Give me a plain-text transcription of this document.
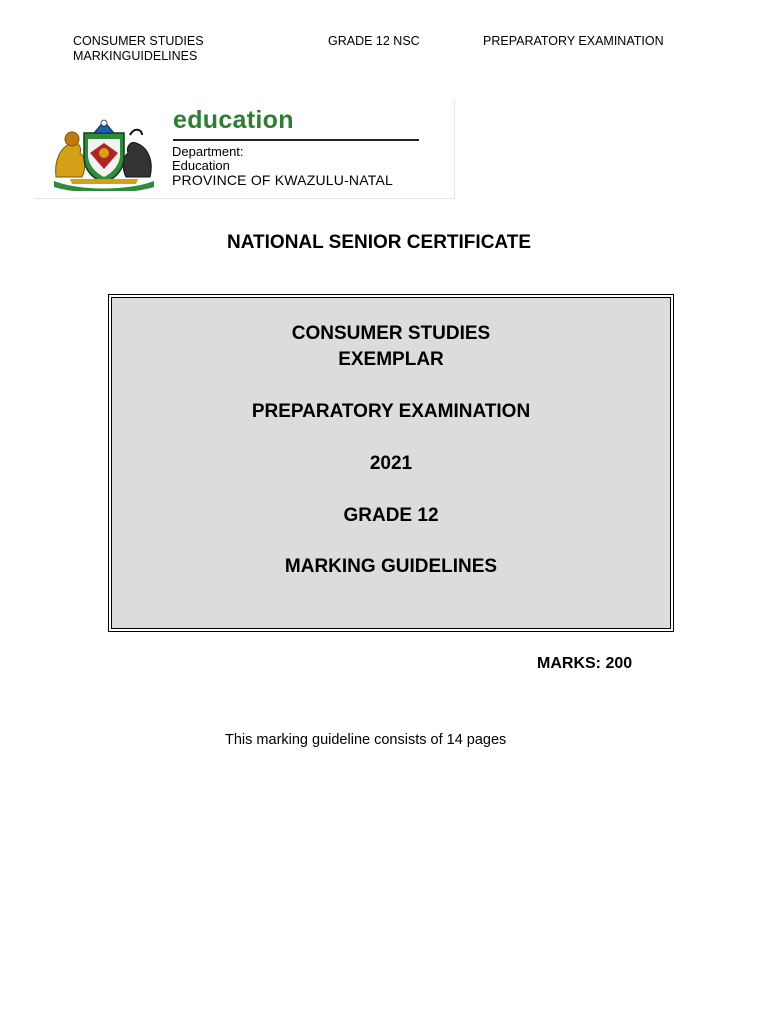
CONSUMER STUDIES
MARKINGUIDELINES
GRADE 12 NSC	PREPARATORY EXAMINATION
education
Department:
Education
PROVINCE OF KWAZULU-NATAL
NATIONAL SENIOR CERTIFICATE
CONSUMER STUDIES
EXEMPLAR
PREPARATORY EXAMINATION
2021
GRADE 12
MARKING GUIDELINES
MARKS: 200
This marking guideline consists of 14 pages
